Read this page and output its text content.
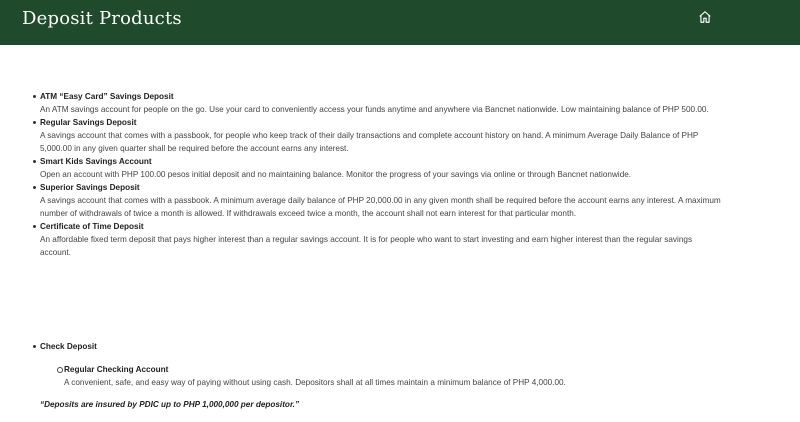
Deposit Products
ATM “Easy Card” Savings Deposit
An ATM savings account for people on the go. Use your card to conveniently access your funds anytime and anywhere via Bancnet nationwide. Low maintaining balance of PHP 500.00.
Regular Savings Deposit
A savings account that comes with a passbook, for people who keep track of their daily transactions and complete account history on hand. A minimum Average Daily Balance of PHP 5,000.00 in any given quarter shall be required before the account earns any interest.
Smart Kids Savings Account
Open an account with PHP 100.00 pesos initial deposit and no maintaining balance. Monitor the progress of your savings via online or through Bancnet nationwide.
Superior Savings Deposit
A savings account that comes with a passbook. A minimum average daily balance of PHP 20,000.00 in any given month shall be required before the account earns any interest. A maximum number of withdrawals of twice a month is allowed. If withdrawals exceed twice a month, the account shall not earn interest for that particular month.
Certificate of Time Deposit
An affordable fixed term deposit that pays higher interest than a regular savings account. It is for people who want to start investing and earn higher interest than the regular savings account.
Check Deposit
Regular Checking Account
A convenient, safe, and easy way of paying without using cash. Depositors shall at all times maintain a minimum balance of PHP 4,000.00.

“Deposits are insured by PDIC up to PHP 1,000,000 per depositor.”
